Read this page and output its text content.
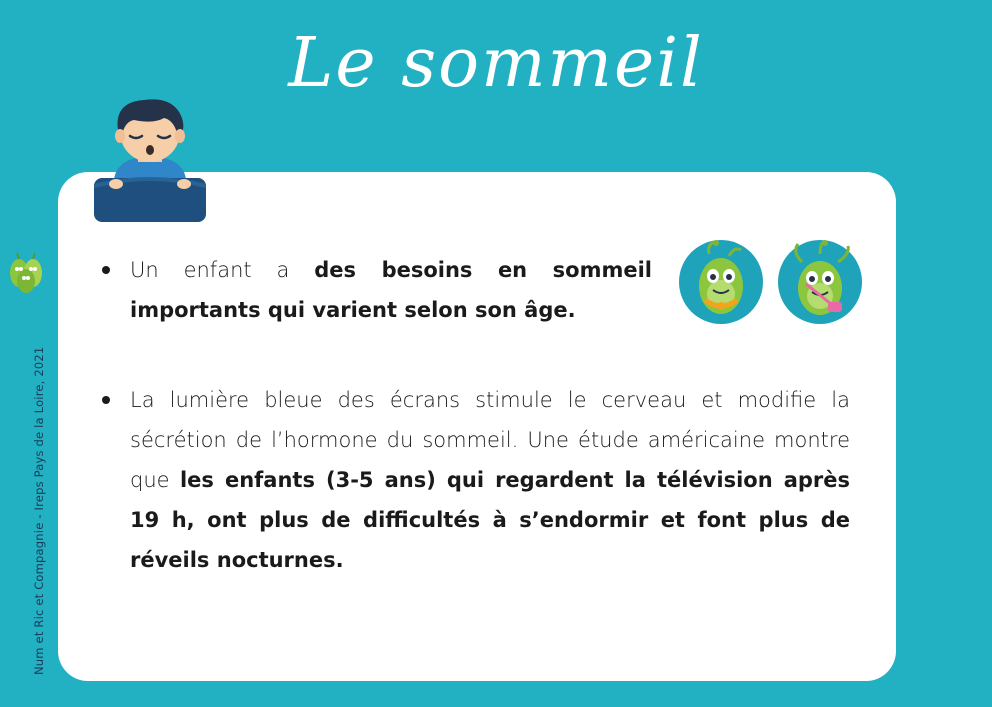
Le sommeil
Num et Ric et Compagnie - Ireps Pays de la Loire, 2021
Un enfant a des besoins en sommeil importants qui varient selon son âge.
La lumière bleue des écrans stimule le cerveau et modifie la sécrétion de l’hormone du sommeil. Une étude américaine montre que les enfants (3-5 ans) qui regardent la télévision après 19 h, ont plus de difficultés à s’endormir et font plus de réveils nocturnes.
